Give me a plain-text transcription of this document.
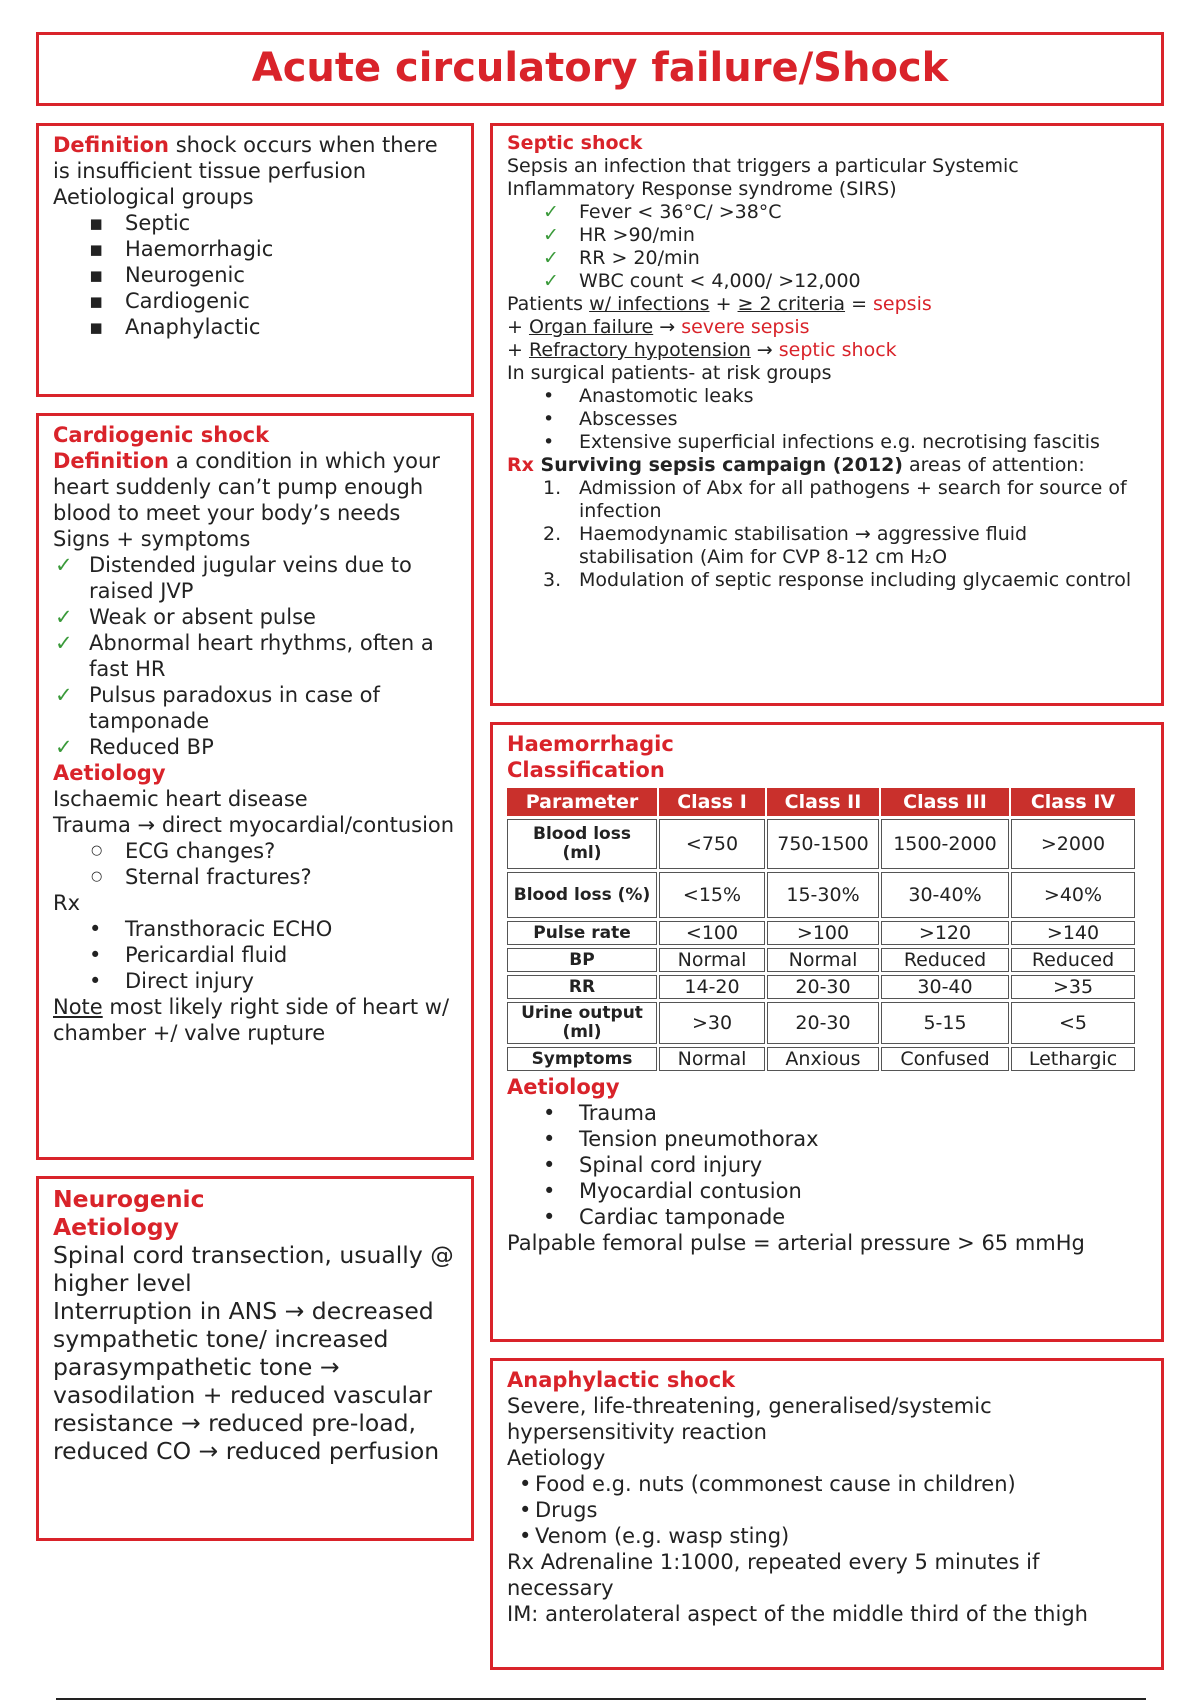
Acute circulatory failure/Shock

Definition shock occurs when there is insufficient tissue perfusion

Aetiological groups

▪ Septic
▪ Haemorrhagic
▪ Neurogenic
▪ Cardiogenic
▪ Anaphylactic

Cardiogenic shock

Definition a condition in which your heart suddenly can’t pump enough blood to meet your body’s needs

Signs + symptoms

✓ Distended jugular veins due to raised JVP
✓ Weak or absent pulse
✓ Abnormal heart rhythms, often a fast HR
✓ Pulsus paradoxus in case of tamponade
✓ Reduced BP

Aetiology

Ischaemic heart disease

Trauma → direct myocardial/contusion

○ ECG changes?
○ Sternal fractures?

Rx

• Transthoracic ECHO
• Pericardial fluid
• Direct injury

Note most likely right side of heart w/ chamber +/ valve rupture

Neurogenic

Aetiology

Spinal cord transection, usually @ higher level

Interruption in ANS → decreased sympathetic tone/ increased parasympathetic tone → vasodilation + reduced vascular resistance → reduced pre-load, reduced CO → reduced perfusion

Septic shock

Sepsis an infection that triggers a particular Systemic Inflammatory Response syndrome (SIRS)

✓ Fever < 36°C/ >38°C
✓ HR >90/min
✓ RR > 20/min
✓ WBC count < 4,000/ >12,000

Patients w/ infections + ≥ 2 criteria = sepsis

+ Organ failure → severe sepsis

+ Refractory hypotension → septic shock

In surgical patients- at risk groups

• Anastomotic leaks
• Abscesses
• Extensive superficial infections e.g. necrotising fascitis

Rx Surviving sepsis campaign (2012) areas of attention:

1. Admission of Abx for all pathogens + search for source of infection
2. Haemodynamic stabilisation → aggressive fluid stabilisation (Aim for CVP 8-12 cm H₂O
3. Modulation of septic response including glycaemic control

Haemorrhagic

Classification

Parameter	Class I	Class II	Class III	Class IV
Blood loss (ml)	<750	750-1500	1500-2000	>2000
Blood loss (%)	<15%	15-30%	30-40%	>40%
Pulse rate	<100	>100	>120	>140
BP	Normal	Normal	Reduced	Reduced
RR	14-20	20-30	30-40	>35
Urine output (ml)	>30	20-30	5-15	<5
Symptoms	Normal	Anxious	Confused	Lethargic

Aetiology

• Trauma
• Tension pneumothorax
• Spinal cord injury
• Myocardial contusion
• Cardiac tamponade

Palpable femoral pulse = arterial pressure > 65 mmHg

Anaphylactic shock

Severe, life-threatening, generalised/systemic hypersensitivity reaction

Aetiology

• Food e.g. nuts (commonest cause in children)
• Drugs
• Venom (e.g. wasp sting)

Rx Adrenaline 1:1000, repeated every 5 minutes if necessary

IM: anterolateral aspect of the middle third of the thigh
